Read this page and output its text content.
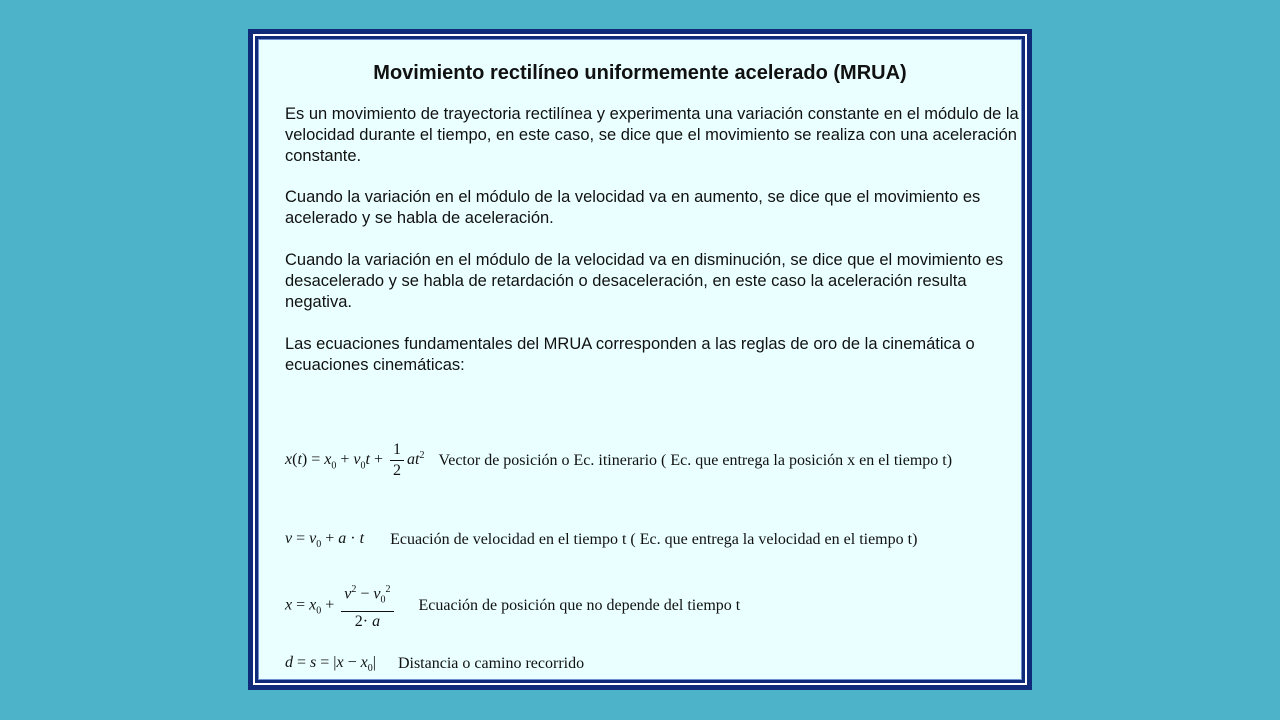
Movimiento rectilíneo uniformemente acelerado (MRUA)

Es un movimiento de trayectoria rectilínea y experimenta una variación constante en el módulo de la velocidad durante el tiempo, en este caso, se dice que el movimiento se realiza con una aceleración constante.

Cuando la variación en el módulo de la velocidad va en aumento, se dice que el movimiento es acelerado y se habla de aceleración.

Cuando la variación en el módulo de la velocidad va en disminución, se dice que el movimiento es desacelerado y se habla de retardación o desaceleración, en este caso la aceleración resulta negativa.

Las ecuaciones fundamentales del MRUA corresponden a las reglas de oro de la cinemática o ecuaciones cinemáticas:

$x(t) = x_0 + v_0t + \frac{1}{2} at^2$ Vector de posición o Ec. itinerario ( Ec. que entrega la posición x en el tiempo t)
$v = v_0 + a \cdot t$ Ecuación de velocidad en el tiempo t ( Ec. que entrega la velocidad en el tiempo t)
$x = x_0 + \frac{v^2 - v_0^2}{2\cdot a}$ Ecuación de posición que no depende del tiempo t
$d = s = |x - x_0|$ Distancia o camino recorrido
